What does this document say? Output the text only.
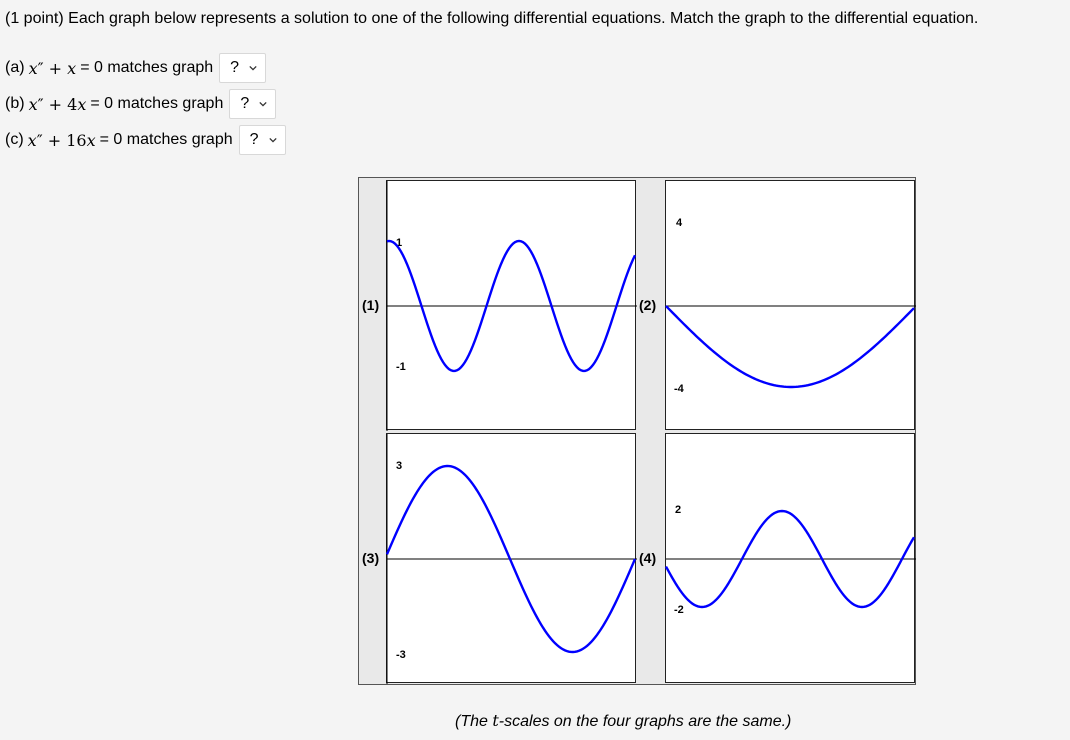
(1 point) Each graph below represents a solution to one of the following differential equations. Match the graph to the differential equation.
(a) x″ + x = 0 matches graph ?
(b) x″ + 4x = 0 matches graph ?
(c) x″ + 16x = 0 matches graph ?
(1)
1
-1
(2)
4
-4
(3)
3
-3
(4)
2
-2
(The t-scales on the four graphs are the same.)
